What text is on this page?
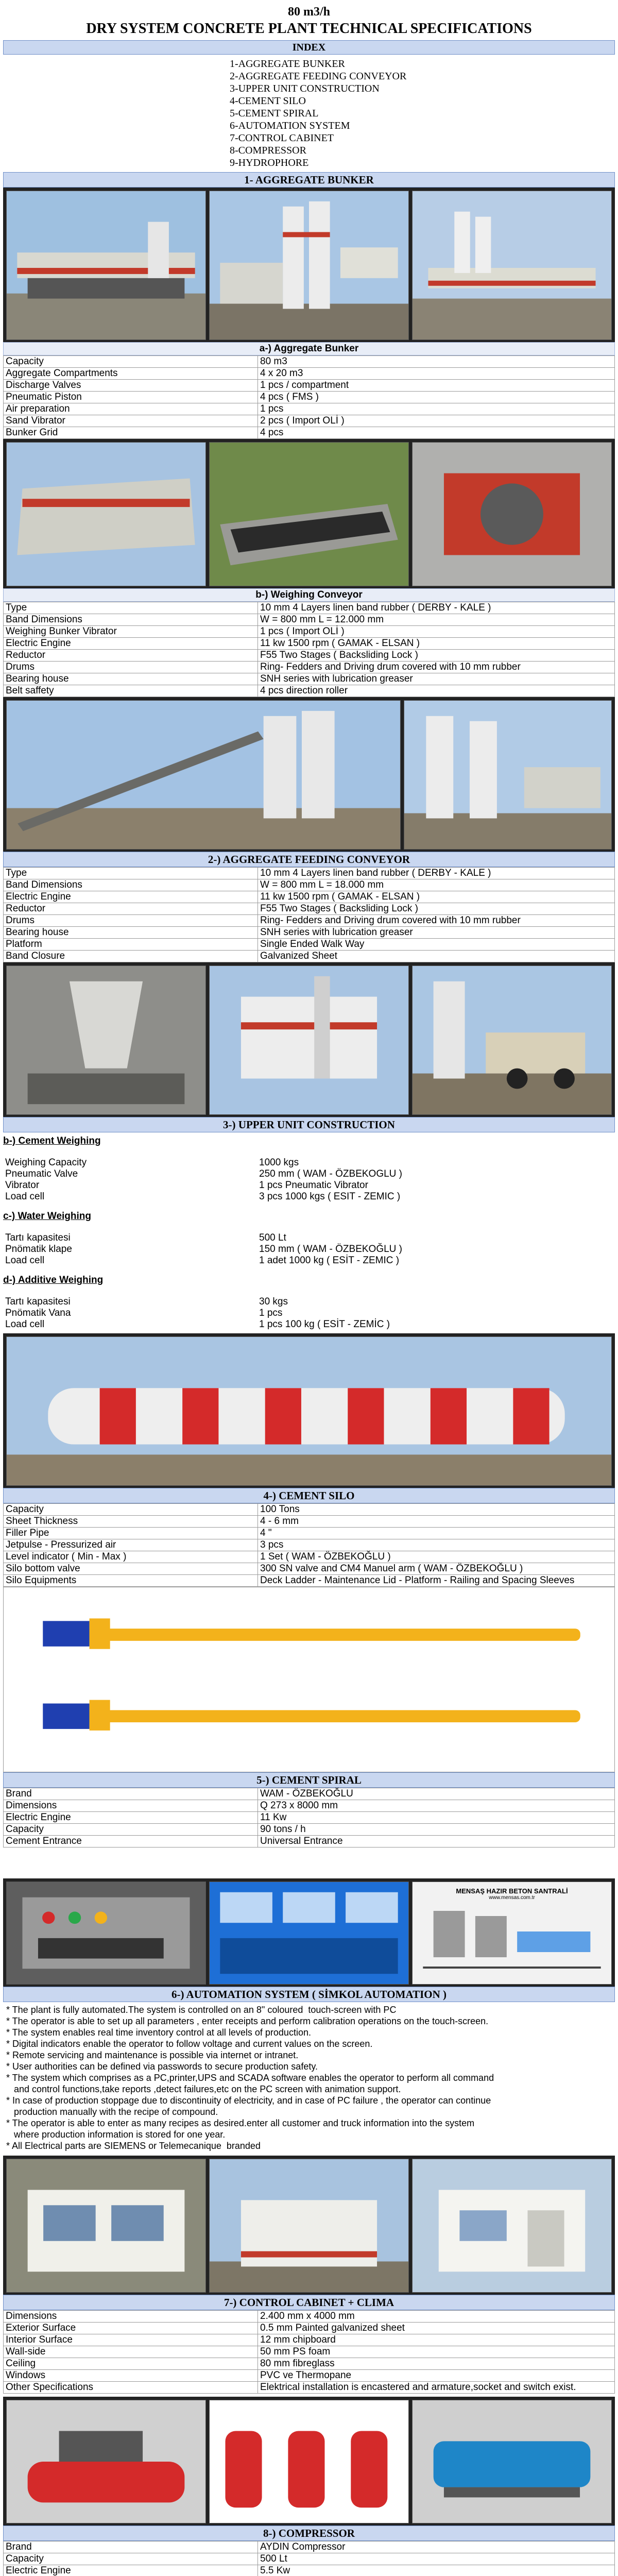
80 m3/h
DRY SYSTEM CONCRETE PLANT TECHNICAL SPECIFICATIONS
INDEX
1-AGGREGATE BUNKER
2-AGGREGATE FEEDING CONVEYOR
3-UPPER UNIT CONSTRUCTION
4-CEMENT SILO
5-CEMENT SPIRAL
6-AUTOMATION SYSTEM
7-CONTROL CABINET
8-COMPRESSOR
9-HYDROPHORE
1- AGGREGATE BUNKER
a-) Aggregate Bunker
Capacity	80 m3
Aggregate Compartments	4 x 20 m3
Discharge Valves	1 pcs / compartment
Pneumatic Piston	4 pcs ( FMS )
Air preparation	1 pcs
Sand Vibrator	2 pcs ( Import OLİ )
Bunker Grid	4 pcs
b-) Weighing Conveyor
Type	10 mm 4 Layers linen band rubber ( DERBY - KALE )
Band Dimensions	W = 800 mm L = 12.000 mm
Weighing Bunker Vibrator	1 pcs ( Import OLİ )
Electric Engine	11 kw 1500 rpm ( GAMAK - ELSAN )
Reductor	F55 Two Stages ( Backsliding Lock )
Drums	Ring- Fedders and Driving drum covered with 10 mm rubber
Bearing house	SNH series with lubrication greaser
Belt saffety	4 pcs direction roller
2-) AGGREGATE FEEDING CONVEYOR
Type	10 mm 4 Layers linen band rubber ( DERBY - KALE )
Band Dimensions	W = 800 mm L = 18.000 mm
Electric Engine	11 kw 1500 rpm ( GAMAK - ELSAN )
Reductor	F55 Two Stages ( Backsliding Lock )
Drums	Ring- Fedders and Driving drum covered with 10 mm rubber
Bearing house	SNH series with lubrication greaser
Platform	Single Ended Walk Way
Band Closure	Galvanized Sheet
3-) UPPER UNIT CONSTRUCTION
b-) Cement Weighing
Weighing Capacity	1000 kgs
Pneumatic Valve	250 mm ( WAM - ÖZBEKOGLU )
Vibrator	1 pcs Pneumatic Vibrator
Load cell	3 pcs 1000 kgs ( ESIT - ZEMIC )
c-) Water Weighing
Tartı kapasitesi	500 Lt
Pnömatik klape	150 mm ( WAM - ÖZBEKOĞLU )
Load cell	1 adet 1000 kg ( ESİT - ZEMIC )
d-) Additive Weighing
Tartı kapasitesi	30 kgs
Pnömatik Vana	1 pcs
Load cell	1 pcs 100 kg ( ESİT - ZEMİC )
4-) CEMENT SILO
Capacity	100 Tons
Sheet Thickness	4 - 6 mm
Filler Pipe	4 "
Jetpulse - Pressurized air	3 pcs
Level indicator ( Min - Max )	1 Set ( WAM - ÖZBEKOĞLU )
Silo bottom valve	300 SN valve and CM4 Manuel arm ( WAM - ÖZBEKOĞLU )
Silo Equipments	Deck Ladder - Maintenance Lid - Platform - Railing and Spacing Sleeves
5-) CEMENT SPIRAL
Brand	WAM - ÖZBEKOĞLU
Dimensions	Q 273 x 8000 mm
Electric Engine	11 Kw
Capacity	90 tons / h
Cement Entrance	Universal Entrance
MENSAŞ HAZIR BETON SANTRALİ
www.mensas.com.tr
6-) AUTOMATION SYSTEM ( SİMKOL AUTOMATION )
* The plant is fully automated.The system is controlled on an 8" coloured  touch-screen with PC
* The operator is able to set up all parameters , enter receipts and perform calibration operations on the touch-screen.
* The system enables real time inventory control at all levels of production.
* Digital indicators enable the operator to follow voltage and current values on the screen.
* Remote servicing and maintenance is possible via internet or intranet.
* User authorities can be defined via passwords to secure production safety.
* The system which comprises as a PC,printer,UPS and SCADA software enables the operator to perform all command
and control functions,take reports ,detect failures,etc on the PC screen with animation support.
* In case of production stoppage due to discontinuity of electricity, and in case of PC failure , the operator can continue
production manually with the recipe of compound.
* The operator is able to enter as many recipes as desired.enter all customer and truck information into the system
where production information is stored for one year.
* All Electrical parts are SIEMENS or Telemecanique  branded
7-) CONTROL CABINET + CLIMA
Dimensions	2.400 mm x 4000 mm
Exterior Surface	0.5 mm Painted galvanized sheet
Interior Surface	12 mm chipboard
Wall-side	50 mm PS foam
Ceiling	80 mm fibreglass
Windows	PVC ve Thermopane
Other Specifications	Elektrical installation is encastered and armature,socket and switch exist.
8-) COMPRESSOR
Brand	AYDIN Compressor
Capacity	500 Lt
Electric Engine	5.5 Kw
